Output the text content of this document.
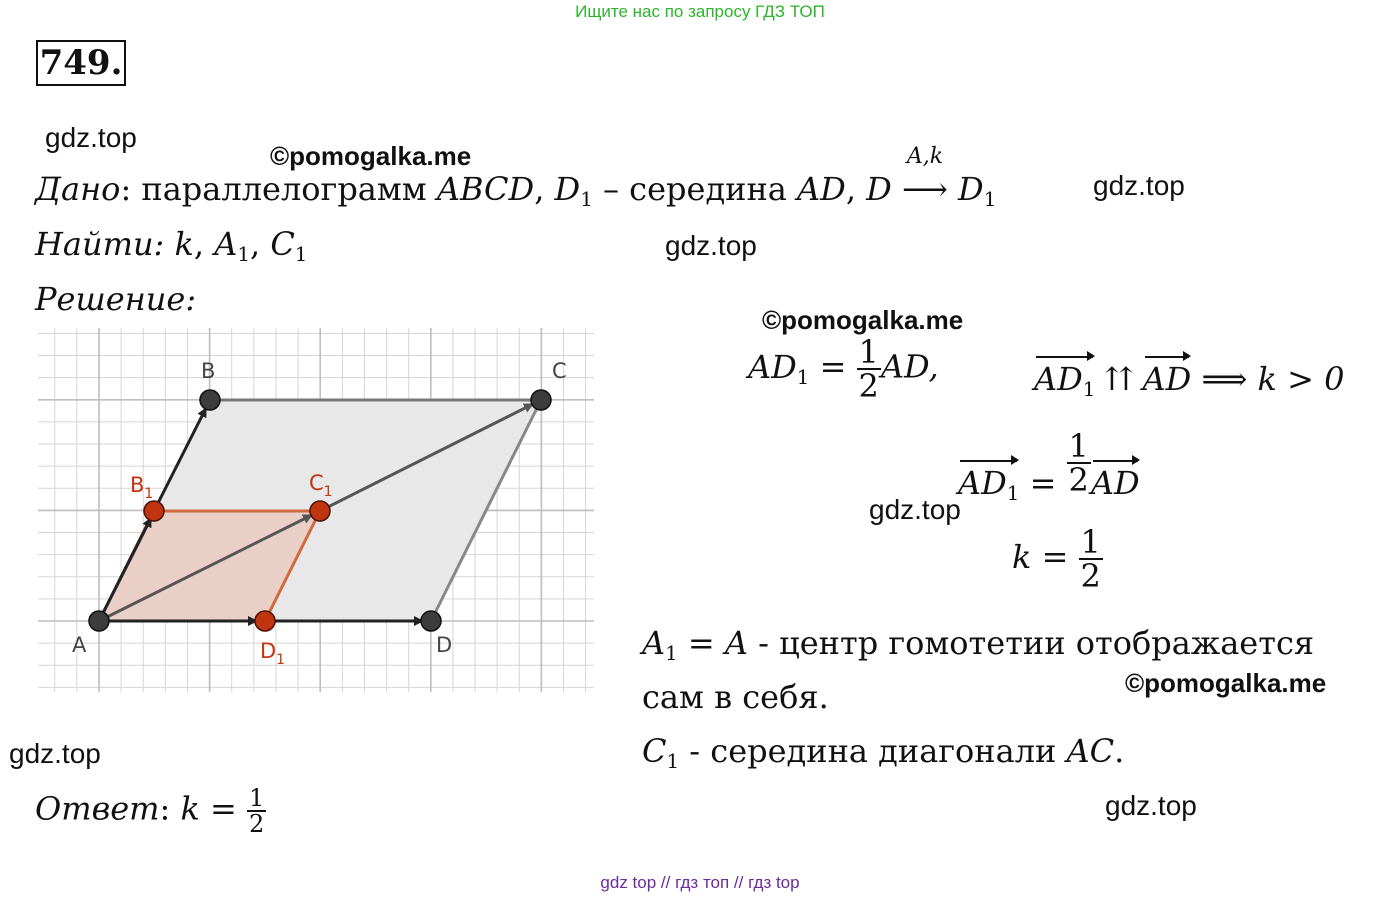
Ищите нас по запросу ГДЗ ТОП
749.
gdz.top
©pomogalka.me
gdz.top
gdz.top
©pomogalka.me
gdz.top
©pomogalka.me
gdz.top
gdz.top
Дано: параллелограмм ABCD, $D_1$ – середина AD, D
A,k
⟶ $D_1$
Найти: k, $A_1$, $C_1$
Решение:
B	C
A	D
$B_1$	$C_1$
$D_1$
$AD_1 = \frac{1}{2}$ AD,	$AD_1$ ⇈ AD ⟹ k > 0
$AD_1 = \frac{1}{2}$ AD
$k = \frac{1}{2}$
$A_1 = A$ - центр гомотетии отображается
сам в себя.
$C_1$ - середина диагонали AC.
Ответ: $k = \frac{1}{2}$
gdz top // гдз топ // гдз top
